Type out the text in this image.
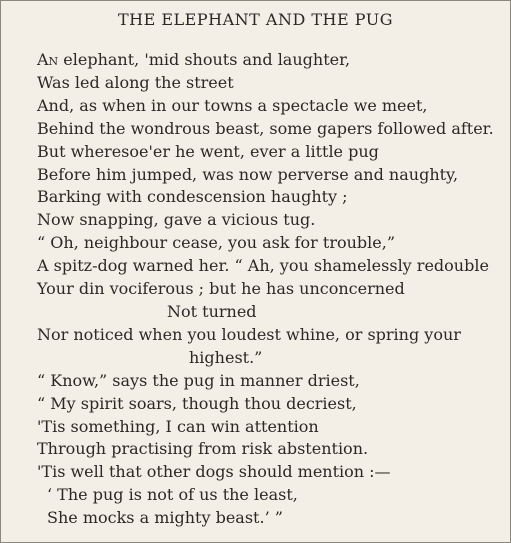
THE ELEPHANT AND THE PUG
An elephant, 'mid shouts and laughter,
Was led along the street
And, as when in our towns a spectacle we meet,
Behind the wondrous beast, some gapers followed after.
But wheresoe'er he went, ever a little pug
Before him jumped, was now perverse and naughty,
Barking with condescension haughty ;
Now snapping, gave a vicious tug.
“ Oh, neighbour cease, you ask for trouble,”
A spitz-dog warned her. “ Ah, you shamelessly redouble
Your din vociferous ; but he has unconcerned
Not turned
Nor noticed when you loudest whine, or spring your
highest.”
“ Know,” says the pug in manner driest,
“ My spirit soars, though thou decriest,
'Tis something, I can win attention
Through practising from risk abstention.
'Tis well that other dogs should mention :—
‘ The pug is not of us the least,
She mocks a mighty beast.’ ”
